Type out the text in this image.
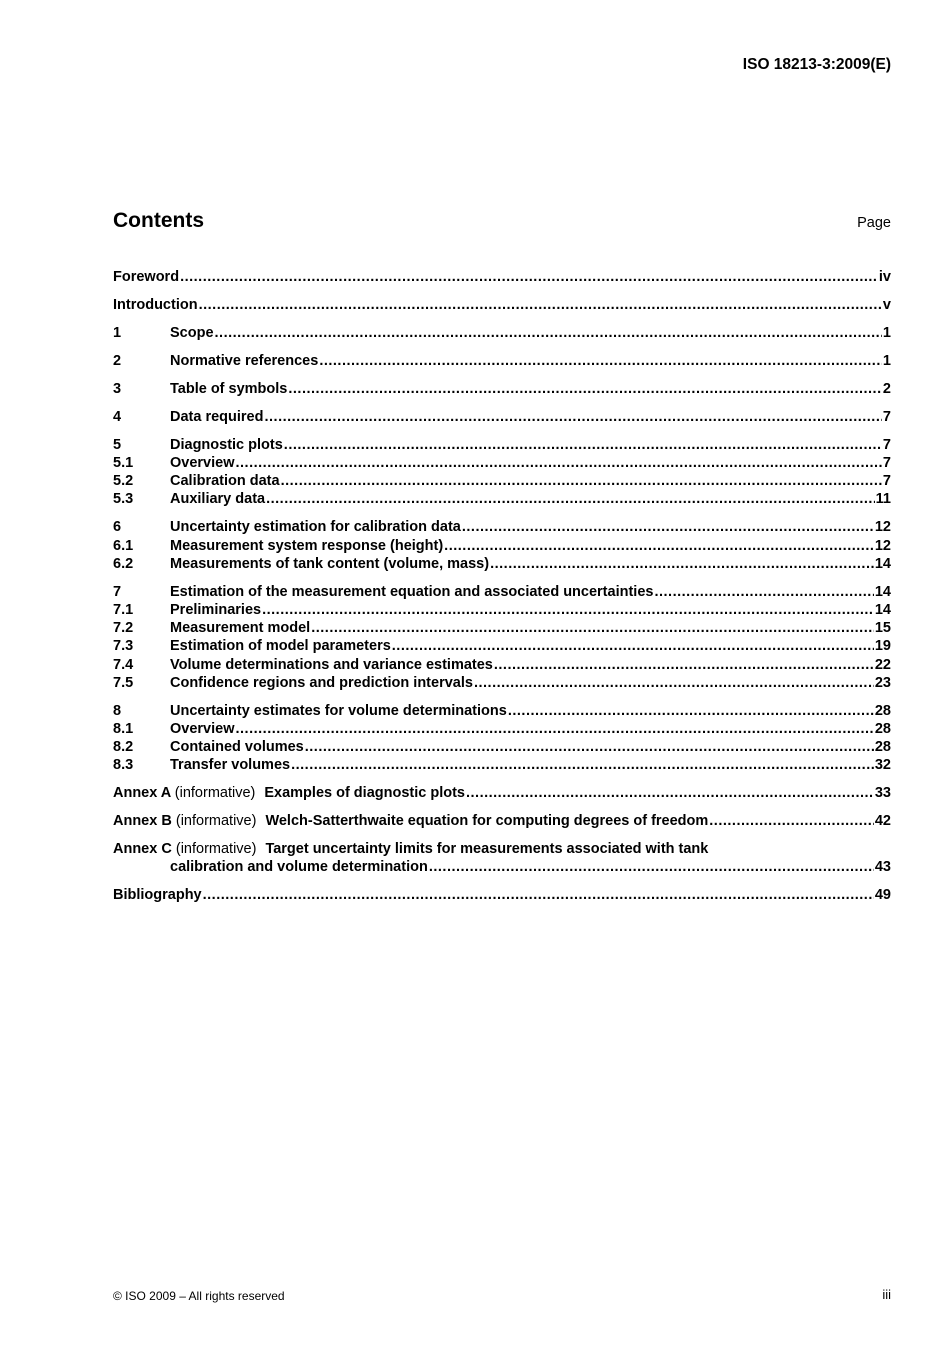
ISO 18213-3:2009(E)
Contents	Page
Foreword .....	iv
Introduction .....	v
1	Scope .....	1
2	Normative references .....	1
3	Table of symbols .....	2
4	Data required .....	7
5	Diagnostic plots .....	7
5.1	Overview .....	7
5.2	Calibration data .....	7
5.3	Auxiliary data .....	11
6	Uncertainty estimation for calibration data .....	12
6.1	Measurement system response (height) .....	12
6.2	Measurements of tank content (volume, mass) .....	14
7	Estimation of the measurement equation and associated uncertainties .....	14
7.1	Preliminaries .....	14
7.2	Measurement model .....	15
7.3	Estimation of model parameters .....	19
7.4	Volume determinations and variance estimates .....	22
7.5	Confidence regions and prediction intervals .....	23
8	Uncertainty estimates for volume determinations .....	28
8.1	Overview .....	28
8.2	Contained volumes .....	28
8.3	Transfer volumes .....	32
Annex A (informative) Examples of diagnostic plots .....	33
Annex B (informative) Welch-Satterthwaite equation for computing degrees of freedom .....	42
Annex C (informative) Target uncertainty limits for measurements associated with tank
calibration and volume determination .....	43
Bibliography .....	49
© ISO 2009 – All rights reserved	iii
